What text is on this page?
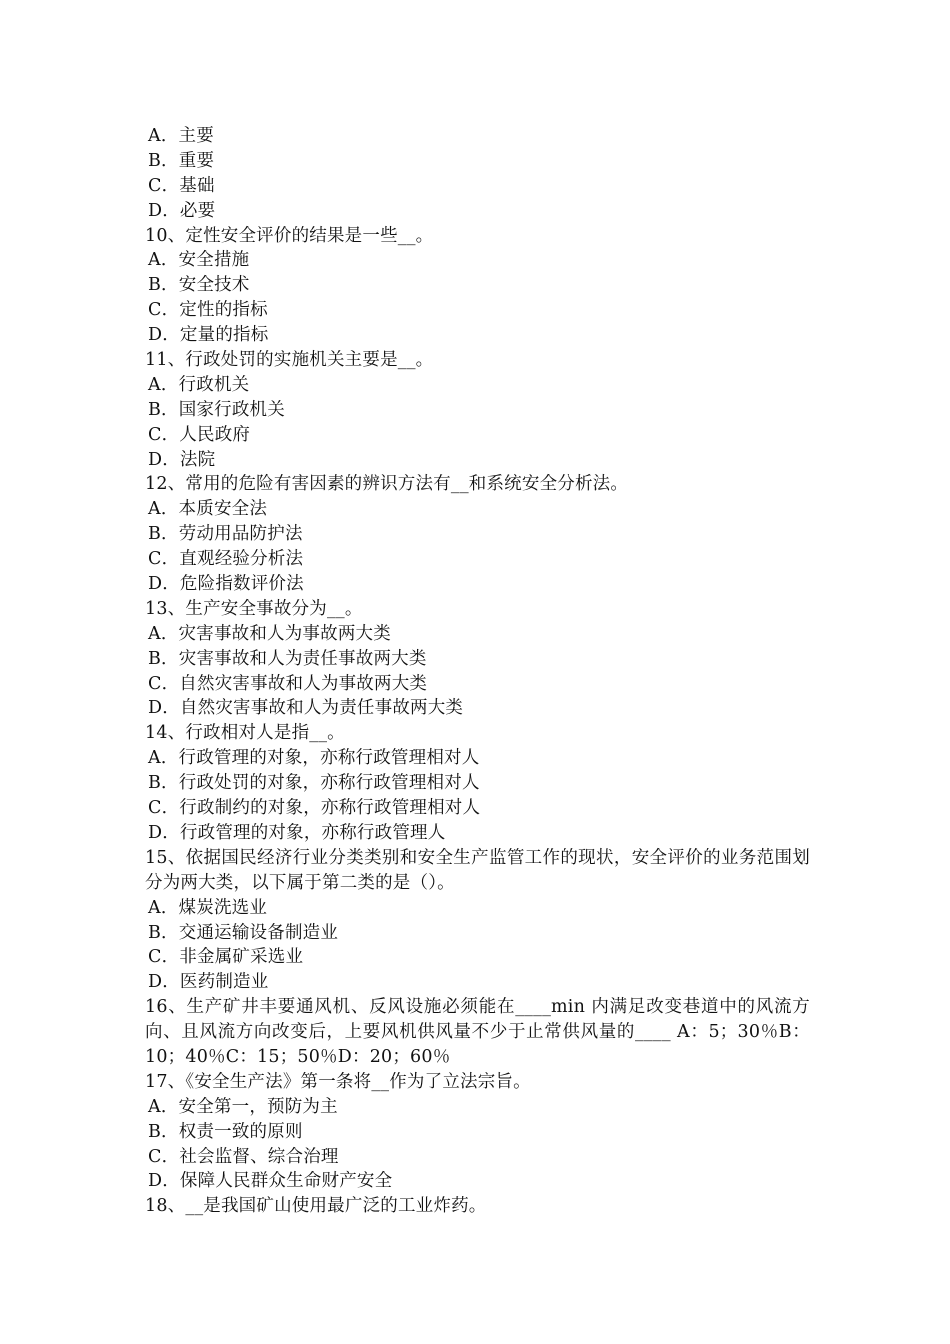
A．主要
B．重要
C．基础
D．必要
10、定性安全评价的结果是一些__。
A．安全措施
B．安全技术
C．定性的指标
D．定量的指标
11、行政处罚的实施机关主要是__。
A．行政机关
B．国家行政机关
C．人民政府
D．法院
12、常用的危险有害因素的辨识方法有__和系统安全分析法。
A．本质安全法
B．劳动用品防护法
C．直观经验分析法
D．危险指数评价法
13、生产安全事故分为__。
A．灾害事故和人为事故两大类
B．灾害事故和人为责任事故两大类
C．自然灾害事故和人为事故两大类
D．自然灾害事故和人为责任事故两大类
14、行政相对人是指__。
A．行政管理的对象，亦称行政管理相对人
B．行政处罚的对象，亦称行政管理相对人
C．行政制约的对象，亦称行政管理相对人
D．行政管理的对象，亦称行政管理人
15、依据国民经济行业分类类别和安全生产监管工作的现状，安全评价的业务范围划分为两大类，以下属于第二类的是（）。
A．煤炭洗选业
B．交通运输设备制造业
C．非金属矿采选业
D．医药制造业
16、生产矿井丰要通风机、反风设施必须能在____min 内满足改变巷道中的风流方向、且风流方向改变后，上要风机供风量不少于止常供风量的____ A：5；30％B：10；40％C：15；50％D：20；60％
17、《安全生产法》第一条将__作为了立法宗旨。
A．安全第一，预防为主
B．权责一致的原则
C．社会监督、综合治理
D．保障人民群众生命财产安全
18、__是我国矿山使用最广泛的工业炸药。
